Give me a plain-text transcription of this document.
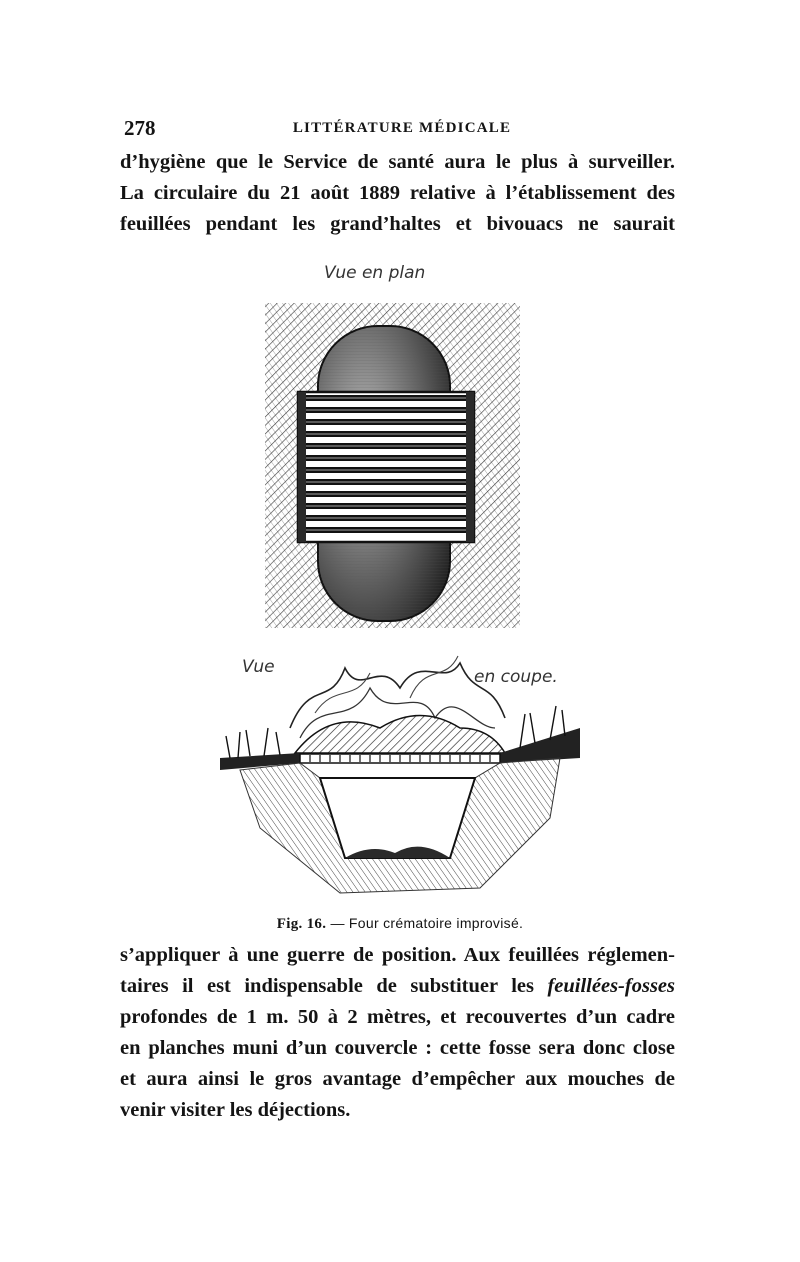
278	LITTÉRATURE MÉDICALE
d’hygiène que le Service de santé aura le plus à surveiller.
La circulaire du 21 août 1889 relative à l’établissement des
feuillées pendant les grand’haltes et bivouacs ne saurait
Vue en plan
Vue	en coupe.
Fig. 16. — Four crématoire improvisé.
s’appliquer à une guerre de position. Aux feuillées réglemen-
taires il est indispensable de substituer les feuillées-fosses
profondes de 1 m. 50 à 2 mètres, et recouvertes d’un cadre
en planches muni d’un couvercle : cette fosse sera donc close
et aura ainsi le gros avantage d’empêcher aux mouches de
venir visiter les déjections.
